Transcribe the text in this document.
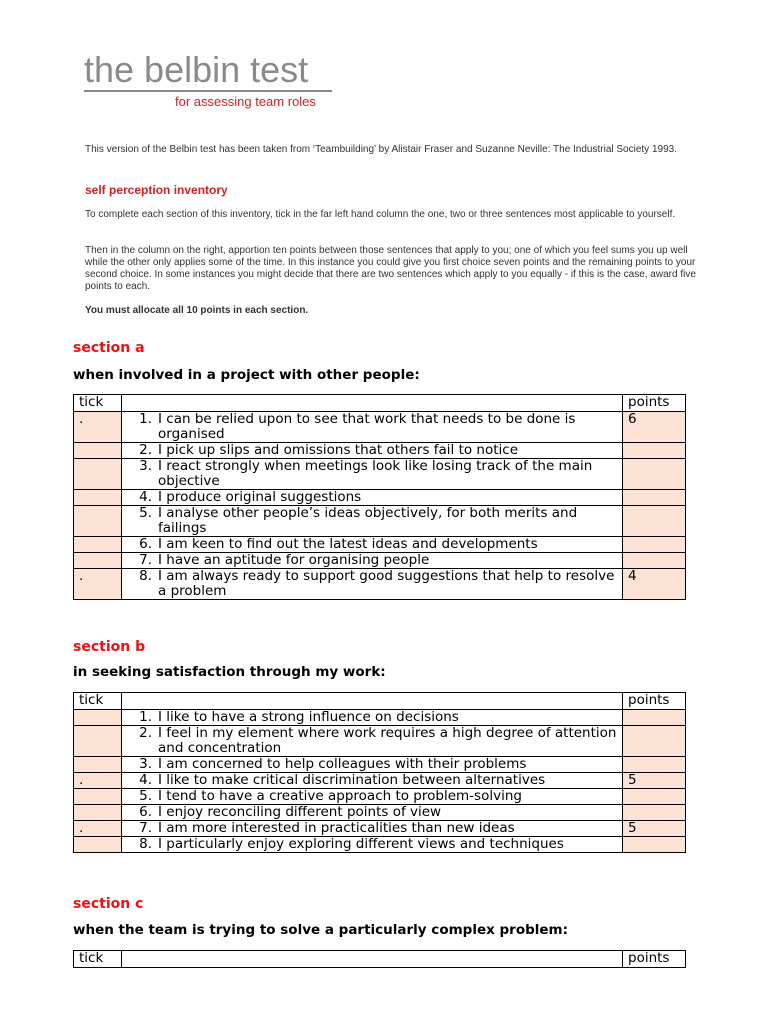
the belbin test
for assessing team roles
This version of the Belbin test has been taken from ‘Teambuilding’ by Alistair Fraser and Suzanne Neville: The Industrial Society 1993.
self perception inventory
To complete each section of this inventory, tick in the far left hand column the one, two or three sentences most applicable to yourself.
Then in the column on the right, apportion ten points between those sentences that apply to you; one of which you feel sums you up well while the other only applies some of the time. In this instance you could give you first choice seven points and the remaining points to your second choice. In some instances you might decide that there are two sentences which apply to you equally - if this is the case, award five points to each.
You must allocate all 10 points in each section.
section a
when involved in a project with other people:
tick		points
.	1. I can be relied upon to see that work that needs to be done is organised	6

	2. I pick up slips and omissions that others fail to notice	

	3. I react strongly when meetings look like losing track of the main objective	

	4. I produce original suggestions	

	5. I analyse other people’s ideas objectively, for both merits and failings	

	6. I am keen to find out the latest ideas and developments	

	7. I have an aptitude for organising people	

.	8. I am always ready to support good suggestions that help to resolve a problem	4
section b
in seeking satisfaction through my work:
tick		points

	1. I like to have a strong influence on decisions	

	2. I feel in my element where work requires a high degree of attention and concentration	

	3. I am concerned to help colleagues with their problems	

.	4. I like to make critical discrimination between alternatives	5

	5. I tend to have a creative approach to problem-solving	

	6. I enjoy reconciling different points of view	

.	7. I am more interested in practicalities than new ideas	5

	8. I particularly enjoy exploring different views and techniques	

section c
when the team is trying to solve a particularly complex problem:
tick		points
